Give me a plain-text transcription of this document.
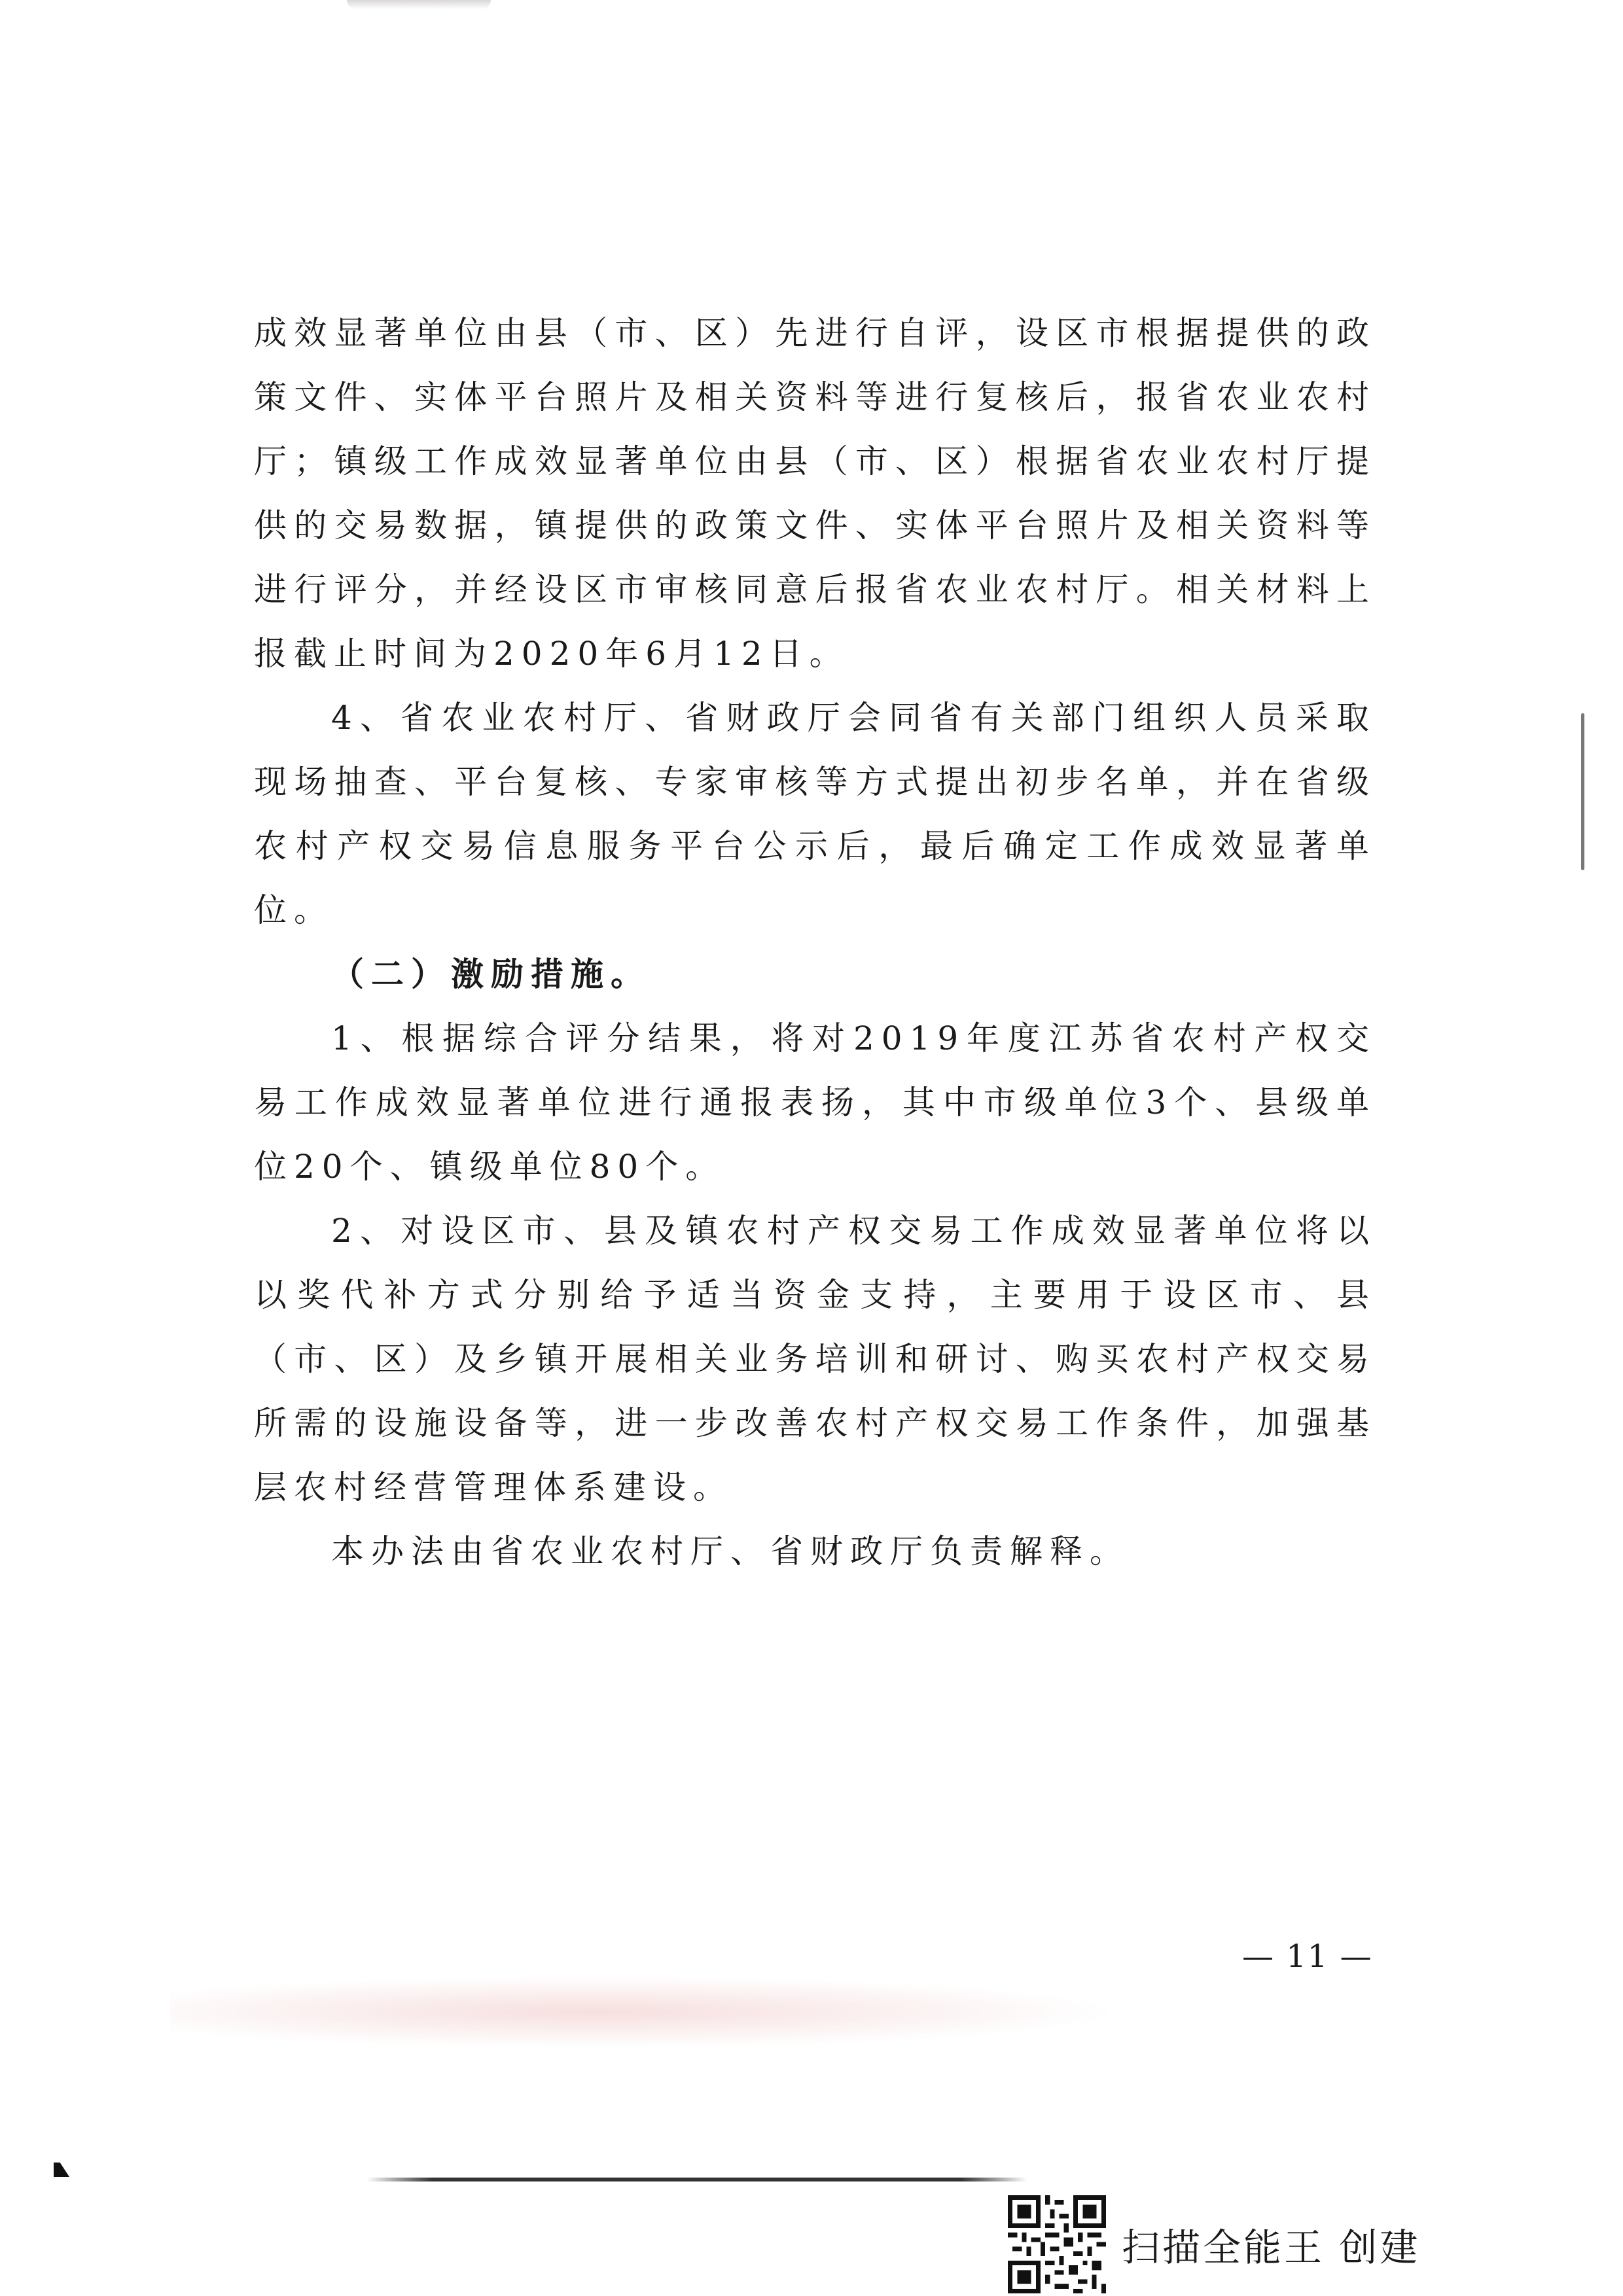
成效显著单位由县（市、区）先进行自评，设区市根据提供的政策文件、实体平台照片及相关资料等进行复核后，报省农业农村厅；镇级工作成效显著单位由县（市、区）根据省农业农村厅提供的交易数据，镇提供的政策文件、实体平台照片及相关资料等进行评分，并经设区市审核同意后报省农业农村厅。相关材料上报截止时间为2020年6月12日。

4、省农业农村厅、省财政厅会同省有关部门组织人员采取现场抽查、平台复核、专家审核等方式提出初步名单，并在省级农村产权交易信息服务平台公示后，最后确定工作成效显著单位。

（二）激励措施。

1、根据综合评分结果，将对2019年度江苏省农村产权交易工作成效显著单位进行通报表扬，其中市级单位3个、县级单位20个、镇级单位80个。

2、对设区市、县及镇农村产权交易工作成效显著单位将以以奖代补方式分别给予适当资金支持，主要用于设区市、县（市、区）及乡镇开展相关业务培训和研讨、购买农村产权交易所需的设施设备等，进一步改善农村产权交易工作条件，加强基层农村经营管理体系建设。

本办法由省农业农村厅、省财政厅负责解释。

— 11 —
扫描全能王 创建
